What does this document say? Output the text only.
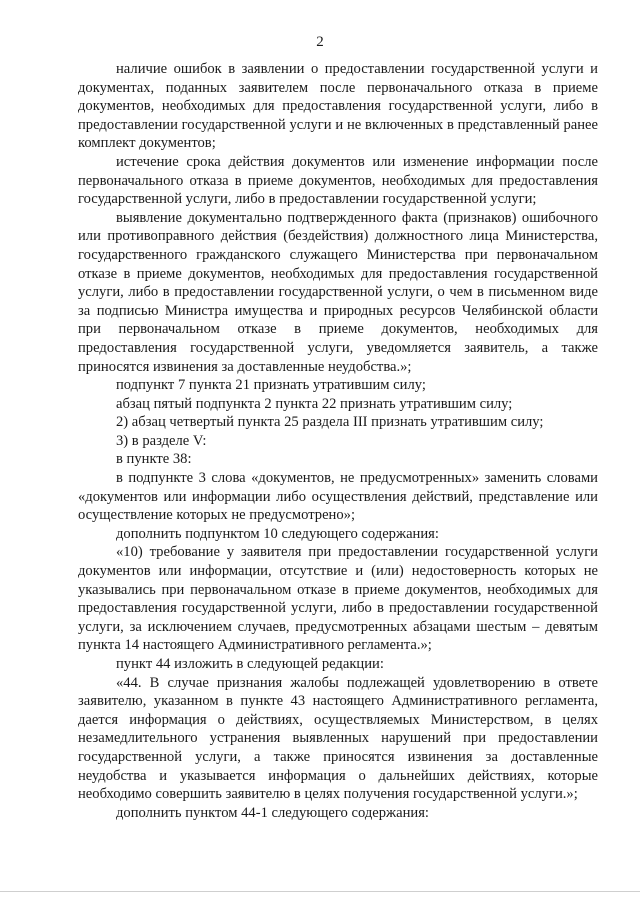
2

наличие ошибок в заявлении о предоставлении государственной услуги и документах, поданных заявителем после первоначального отказа в приеме документов, необходимых для предоставления государственной услуги, либо в предоставлении государственной услуги и не включенных в представленный ранее комплект документов;

истечение срока действия документов или изменение информации после первоначального отказа в приеме документов, необходимых для предоставления государственной услуги, либо в предоставлении государственной услуги;

выявление документально подтвержденного факта (признаков) ошибочного или противоправного действия (бездействия) должностного лица Министерства, государственного гражданского служащего Министерства при первоначальном отказе в приеме документов, необходимых для предоставления государственной услуги, либо в предоставлении государственной услуги, о чем в письменном виде за подписью Министра имущества и природных ресурсов Челябинской области при первоначальном отказе в приеме документов, необходимых для предоставления государственной услуги, уведомляется заявитель, а также приносятся извинения за доставленные неудобства.»;

подпункт 7 пункта 21 признать утратившим силу;

абзац пятый подпункта 2 пункта 22 признать утратившим силу;

2) абзац четвертый пункта 25 раздела III признать утратившим силу;

3) в разделе V:

в пункте 38:

в подпункте 3 слова «документов, не предусмотренных» заменить словами «документов или информации либо осуществления действий, представление или осуществление которых не предусмотрено»;

дополнить подпунктом 10 следующего содержания:

«10) требование у заявителя при предоставлении государственной услуги документов или информации, отсутствие и (или) недостоверность которых не указывались при первоначальном отказе в приеме документов, необходимых для предоставления государственной услуги, либо в предоставлении государственной услуги, за исключением случаев, предусмотренных абзацами шестым – девятым пункта 14 настоящего Административного регламента.»;

пункт 44 изложить в следующей редакции:

«44. В случае признания жалобы подлежащей удовлетворению в ответе заявителю, указанном в пункте 43 настоящего Административного регламента, дается информация о действиях, осуществляемых Министерством, в целях незамедлительного устранения выявленных нарушений при предоставлении государственной услуги, а также приносятся извинения за доставленные неудобства и указывается информация о дальнейших действиях, которые необходимо совершить заявителю в целях получения государственной услуги.»;

дополнить пунктом 44-1 следующего содержания:
